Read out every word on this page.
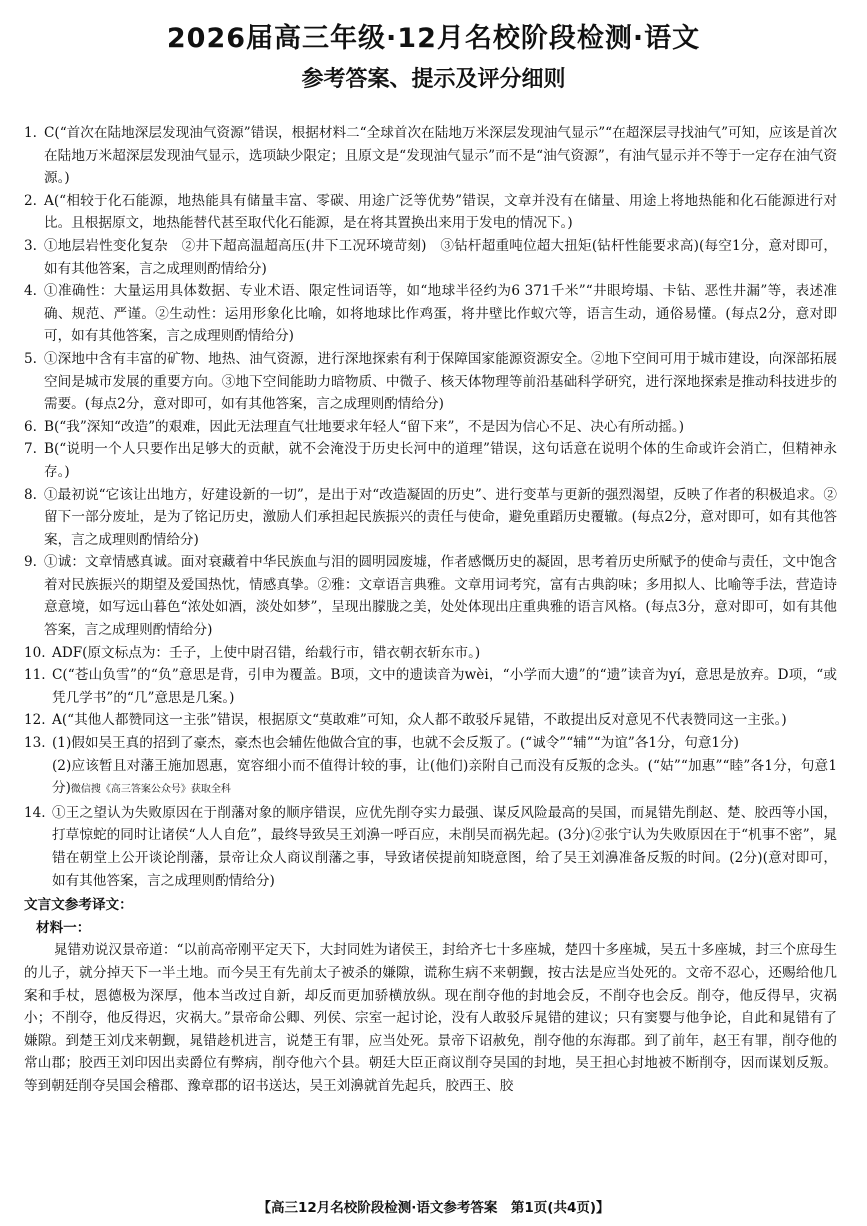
2026届高三年级·12月名校阶段检测·语文
参考答案、提示及评分细则
1. C(“首次在陆地深层发现油气资源”错误，根据材料二“全球首次在陆地万米深层发现油气显示”“在超深层寻找油气”可知，应该是首次在陆地万米超深层发现油气显示，选项缺少限定；且原文是“发现油气显示”而不是“油气资源”，有油气显示并不等于一定存在油气资源。)
2. A(“相较于化石能源，地热能具有储量丰富、零碳、用途广泛等优势”错误，文章并没有在储量、用途上将地热能和化石能源进行对比。且根据原文，地热能替代甚至取代化石能源，是在将其置换出来用于发电的情况下。)
3. ①地层岩性变化复杂　②井下超高温超高压(井下工况环境苛刻)　③钻杆超重吨位超大扭矩(钻杆性能要求高)(每空1分，意对即可，如有其他答案，言之成理则酌情给分)
4. ①准确性：大量运用具体数据、专业术语、限定性词语等，如“地球半径约为6 371千米”“井眼垮塌、卡钻、恶性井漏”等，表述准确、规范、严谨。②生动性：运用形象化比喻，如将地球比作鸡蛋，将井壁比作蚁穴等，语言生动，通俗易懂。(每点2分，意对即可，如有其他答案，言之成理则酌情给分)
5. ①深地中含有丰富的矿物、地热、油气资源，进行深地探索有利于保障国家能源资源安全。②地下空间可用于城市建设，向深部拓展空间是城市发展的重要方向。③地下空间能助力暗物质、中微子、核天体物理等前沿基础科学研究，进行深地探索是推动科技进步的需要。(每点2分，意对即可，如有其他答案，言之成理则酌情给分)
6. B(“我”深知“改造”的艰难，因此无法理直气壮地要求年轻人“留下来”，不是因为信心不足、决心有所动摇。)
7. B(“说明一个人只要作出足够大的贡献，就不会淹没于历史长河中的道理”错误，这句话意在说明个体的生命或许会消亡，但精神永存。)
8. ①最初说“它该让出地方，好建设新的一切”，是出于对“改造凝固的历史”、进行变革与更新的强烈渴望，反映了作者的积极追求。②留下一部分废址，是为了铭记历史，激励人们承担起民族振兴的责任与使命，避免重蹈历史覆辙。(每点2分，意对即可，如有其他答案，言之成理则酌情给分)
9. ①诚：文章情感真诚。面对衰藏着中华民族血与泪的圆明园废墟，作者感慨历史的凝固，思考着历史所赋予的使命与责任，文中饱含着对民族振兴的期望及爱国热忱，情感真挚。②雅：文章语言典雅。文章用词考究，富有古典韵味；多用拟人、比喻等手法，营造诗意意境，如写远山暮色“浓处如酒，淡处如梦”，呈现出朦胧之美，处处体现出庄重典雅的语言风格。(每点3分，意对即可，如有其他答案，言之成理则酌情给分)
10. ADF(原文标点为：壬子，上使中尉召错，绐载行市，错衣朝衣斩东市。)
11. C(“苍山负雪”的“负”意思是背，引申为覆盖。B项，文中的遗读音为wèi，“小学而大遗”的“遗”读音为yí，意思是放弃。D项，“或凭几学书”的“几”意思是几案。)
12. A(“其他人都赞同这一主张”错误，根据原文“莫敢难”可知，众人都不敢驳斥晁错，不敢提出反对意见不代表赞同这一主张。)
13. (1)假如吴王真的招到了豪杰，豪杰也会辅佐他做合宜的事，也就不会反叛了。(“诚令”“辅”“为谊”各1分，句意1分)
(2)应该暂且对藩王施加恩惠，宽容细小而不值得计较的事，让(他们)亲附自己而没有反叛的念头。(“姑”“加惠”“睦”各1分，句意1分)微信搜《高三答案公众号》获取全科
14. ①王之望认为失败原因在于削藩对象的顺序错误，应优先削夺实力最强、谋反风险最高的吴国，而晁错先削赵、楚、胶西等小国，打草惊蛇的同时让诸侯“人人自危”，最终导致吴王刘濞一呼百应，未削吴而祸先起。(3分)②张宁认为失败原因在于“机事不密”，晁错在朝堂上公开谈论削藩，景帝让众人商议削藩之事，导致诸侯提前知晓意图，给了吴王刘濞准备反叛的时间。(2分)(意对即可，如有其他答案，言之成理则酌情给分)
文言文参考译文：
材料一：

晁错劝说汉景帝道：“以前高帝刚平定天下，大封同姓为诸侯王，封给齐七十多座城，楚四十多座城，吴五十多座城，封三个庶母生的儿子，就分掉天下一半土地。而今吴王有先前太子被杀的嫌隙，谎称生病不来朝觐，按古法是应当处死的。文帝不忍心，还赐给他几案和手杖，恩德极为深厚，他本当改过自新，却反而更加骄横放纵。现在削夺他的封地会反，不削夺也会反。削夺，他反得早，灾祸小；不削夺，他反得迟，灾祸大。”景帝命公卿、列侯、宗室一起讨论，没有人敢驳斥晁错的建议；只有窦婴与他争论，自此和晁错有了嫌隙。到楚王刘戊来朝觐，晁错趁机进言，说楚王有罪，应当处死。景帝下诏赦免，削夺他的东海郡。到了前年，赵王有罪，削夺他的常山郡；胶西王刘印因出卖爵位有弊病，削夺他六个县。朝廷大臣正商议削夺吴国的封地，吴王担心封地被不断削夺，因而谋划反叛。等到朝廷削夺吴国会稽郡、豫章郡的诏书送达，吴王刘濞就首先起兵，胶西王、胶

【高三12月名校阶段检测·语文参考答案　第1页(共4页)】
